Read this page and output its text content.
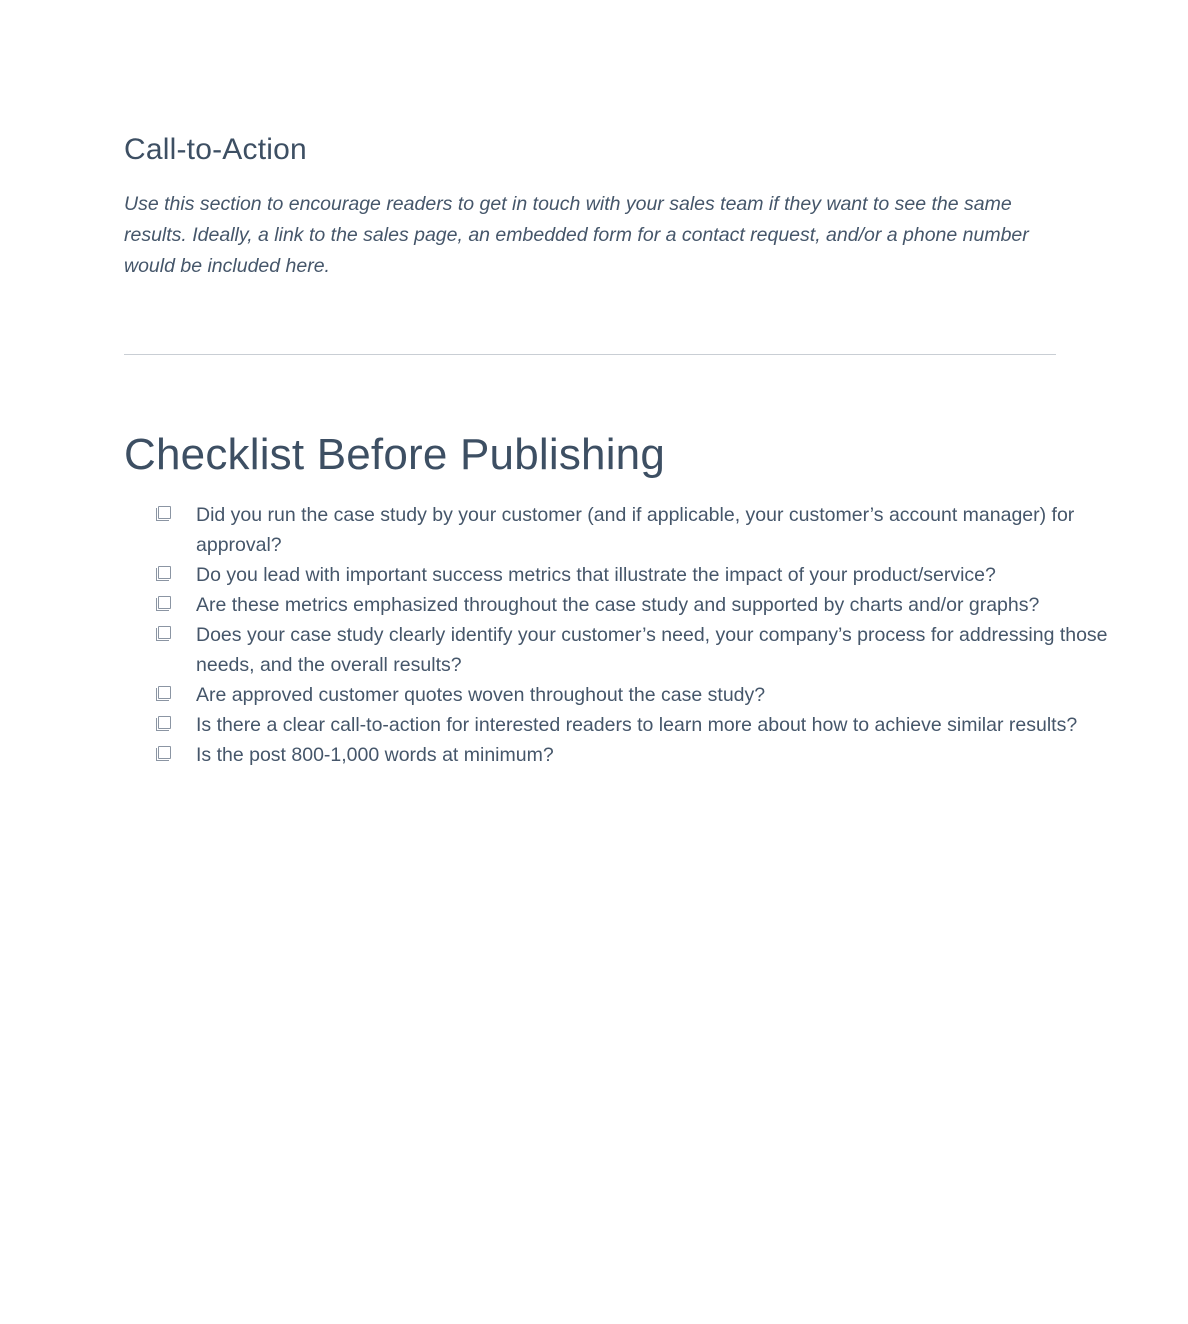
Call-to-Action

Use this section to encourage readers to get in touch with your sales team if they want to see the same results. Ideally, a link to the sales page, an embedded form for a contact request, and/or a phone number would be included here.

Checklist Before Publishing
Did you run the case study by your customer (and if applicable, your customer’s account manager) for approval?
Do you lead with important success metrics that illustrate the impact of your product/service?
Are these metrics emphasized throughout the case study and supported by charts and/or graphs?
Does your case study clearly identify your customer’s need, your company’s process for addressing those needs, and the overall results?
Are approved customer quotes woven throughout the case study?
Is there a clear call-to-action for interested readers to learn more about how to achieve similar results?
Is the post 800-1,000 words at minimum?
